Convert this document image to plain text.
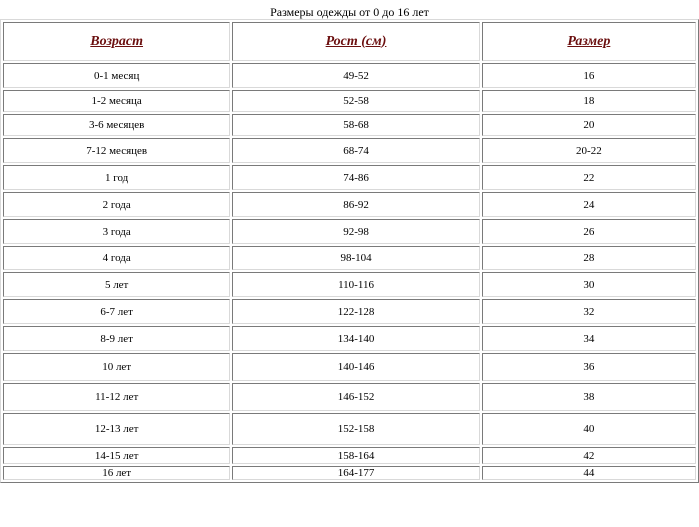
Размеры одежды от 0 до 16 лет
Возраст	Рост (см)	Размер
0-1 месяц	49-52	16
1-2 месяца	52-58	18
3-6 месяцев	58-68	20
7-12 месяцев	68-74	20-22
1 год	74-86	22
2 года	86-92	24
3 года	92-98	26
4 года	98-104	28
5 лет	110-116	30
6-7 лет	122-128	32
8-9 лет	134-140	34
10 лет	140-146	36
11-12 лет	146-152	38
12-13 лет	152-158	40
14-15 лет	158-164	42
16 лет	164-177	44
